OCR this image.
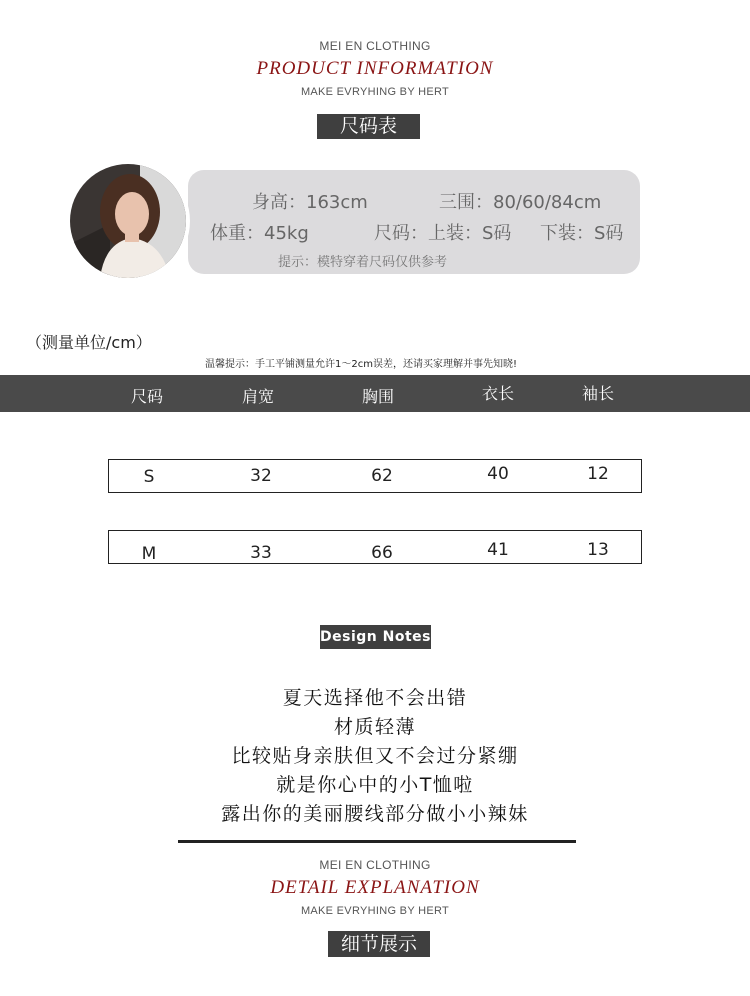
MEI EN CLOTHING
PRODUCT INFORMATION
MAKE EVRYHING BY HERT
尺码表
身高：163cm	三围：80/60/84cm
体重：45kg	尺码：上装：S码 下装：S码
提示：模特穿着尺码仅供参考
（测量单位/cm）
温馨提示：手工平铺测量允许1～2cm误差，还请买家理解并事先知晓!
尺码	肩宽	胸围	衣长	袖长
S	32	62	40	12
M	33	66	41	13
Design Notes
夏天选择他不会出错
材质轻薄
比较贴身亲肤但又不会过分紧绷
就是你心中的小T恤啦
露出你的美丽腰线部分做小小辣妹
MEI EN CLOTHING
DETAIL EXPLANATION
MAKE EVRYHING BY HERT
细节展示
